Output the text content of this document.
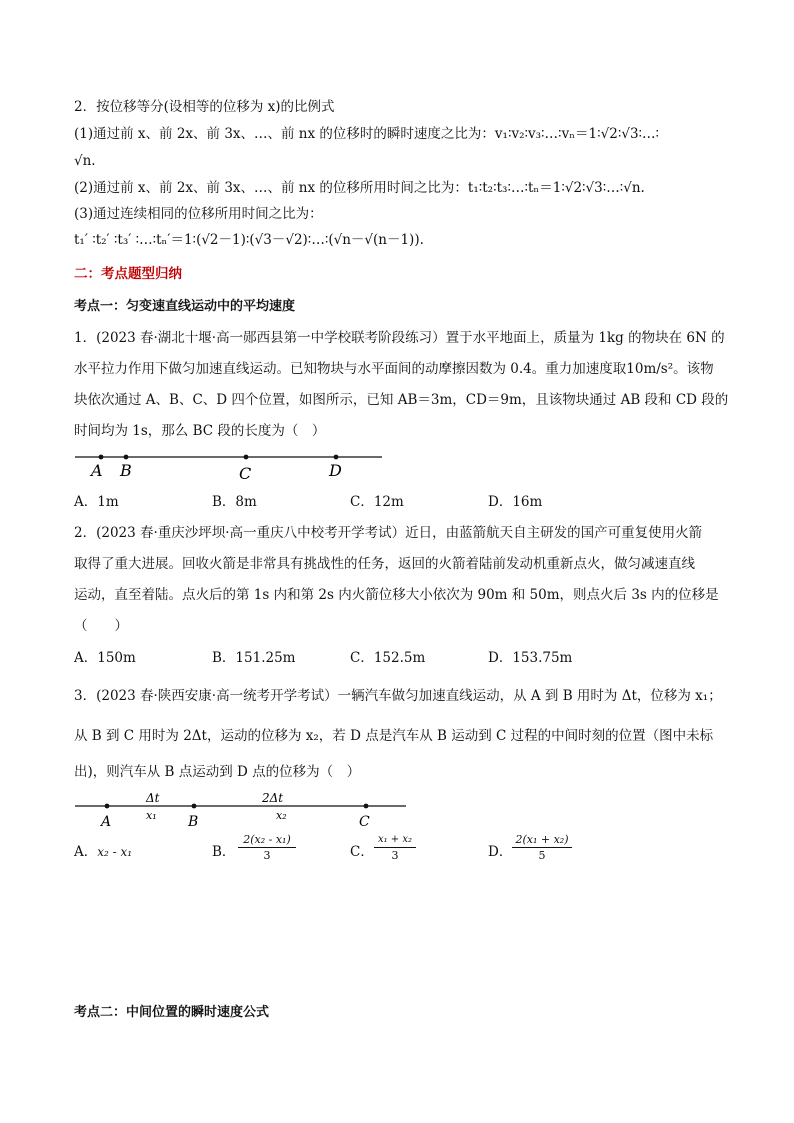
2．按位移等分(设相等的位移为 x)的比例式
(1)通过前 x、前 2x、前 3x、…、前 nx 的位移时的瞬时速度之比为：v₁∶v₂∶v₃∶…∶vₙ＝1∶√2∶√3∶…∶
√n.
(2)通过前 x、前 2x、前 3x、…、前 nx 的位移所用时间之比为：t₁∶t₂∶t₃∶…∶tₙ＝1∶√2∶√3∶…∶√n.
(3)通过连续相同的位移所用时间之比为：
t₁′ ∶t₂′ ∶t₃′ ∶…∶tₙ′＝1∶(√2－1)∶(√3－√2)∶…∶(√n－√(n－1)).
二：考点题型归纳
考点一：匀变速直线运动中的平均速度
1．(2023 春·湖北十堰·高一郧西县第一中学校联考阶段练习）置于水平地面上，质量为 1kg 的物块在 6N 的
水平拉力作用下做匀加速直线运动。已知物块与水平面间的动摩擦因数为 0.4。重力加速度取10m/s²。该物
块依次通过 A、B、C、D 四个位置，如图所示，已知 AB＝3m，CD＝9m，且该物块通过 AB 段和 CD 段的
时间均为 1s，那么 BC 段的长度为（　）
A B	C	D
A．1m	B．8m	C．12m	D．16m
2．(2023 春·重庆沙坪坝·高一重庆八中校考开学考试）近日，由蓝箭航天自主研发的国产可重复使用火箭
取得了重大进展。回收火箭是非常具有挑战性的任务，返回的火箭着陆前发动机重新点火，做匀减速直线
运动，直至着陆。点火后的第 1s 内和第 2s 内火箭位移大小依次为 90m 和 50m，则点火后 3s 内的位移是
（　　）
A．150m	B．151.25m	C．152.5m	D．153.75m
3．(2023 春·陕西安康·高一统考开学考试）一辆汽车做匀加速直线运动，从 A 到 B 用时为 Δt，位移为 x₁；
从 B 到 C 用时为 2Δt，运动的位移为 x₂，若 D 点是汽车从 B 运动到 C 过程的中间时刻的位置（图中未标
出)，则汽车从 B 点运动到 D 点的位移为（　）
Δt	2Δt
x₁	x₂
A	B	C
A．x₂ - x₁	B． $\frac{\text{2(x₂ - x₁)}}{3}$	C． $\frac{\text{x₁ + x₂}}{3}$	D． $\frac{\text{2(x₁ + x₂)}}{5}$
考点二：中间位置的瞬时速度公式
